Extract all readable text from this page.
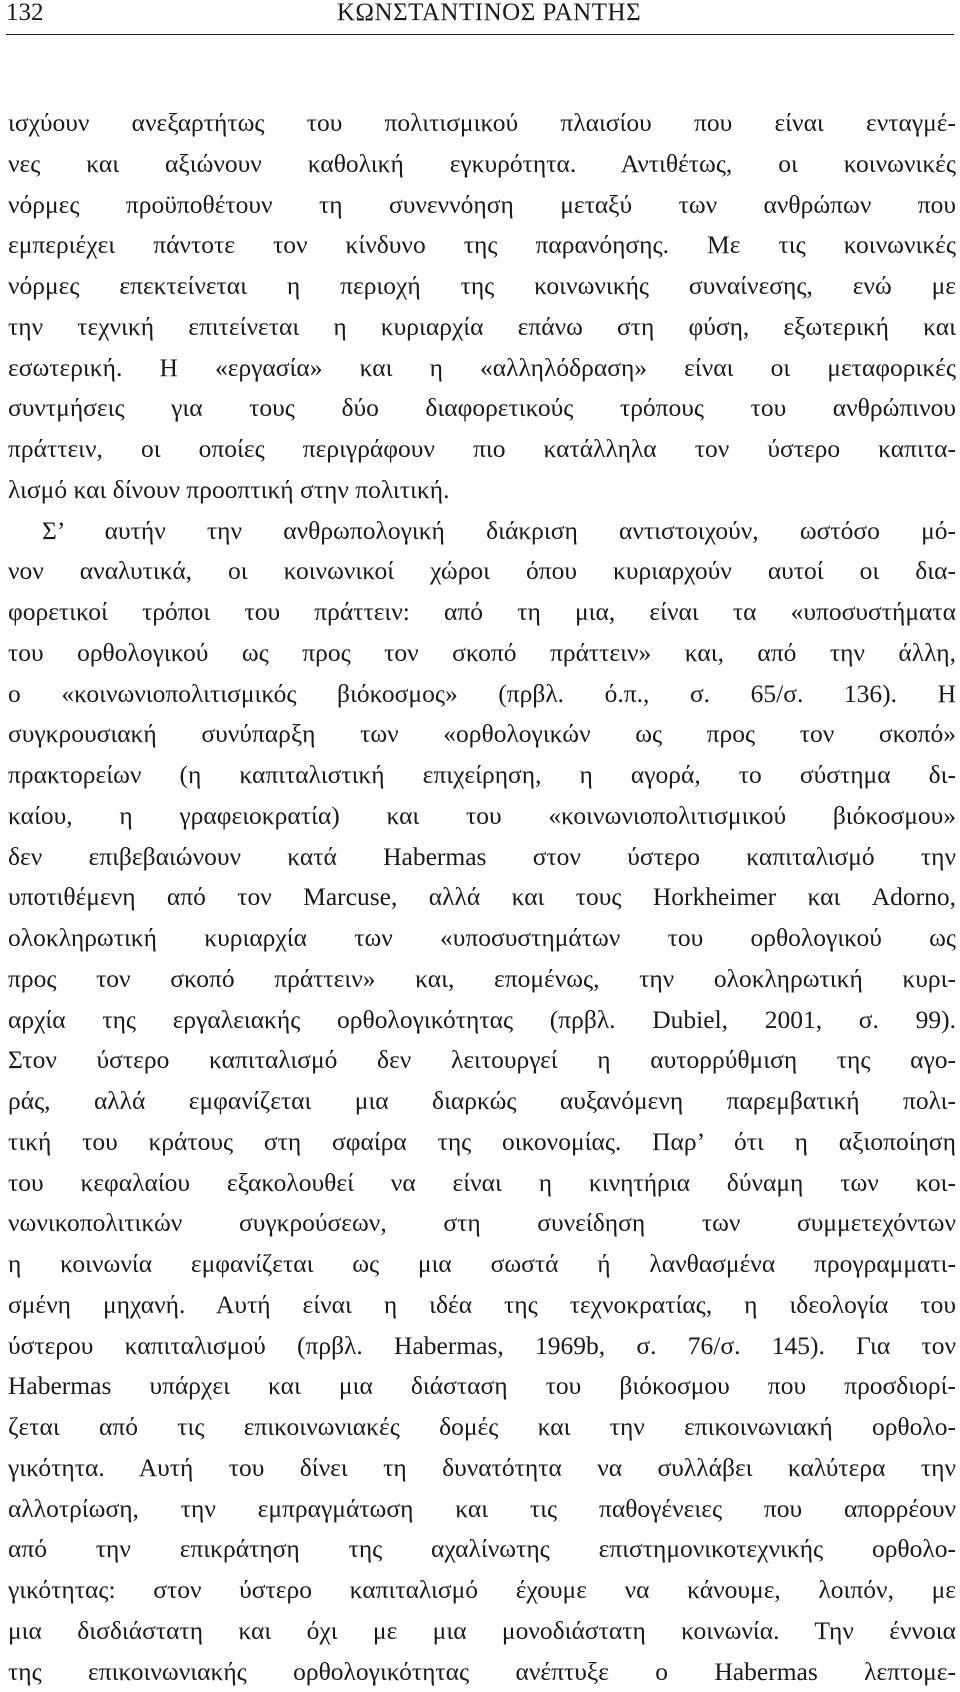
132	ΚΩΝΣΤΑΝΤΙΝΟΣ ΡΑΝΤΗΣ
ισχύουν ανεξαρτήτως του πολιτισμικού πλαισίου που είναι ενταγμέ-
νες και αξιώνουν καθολική εγκυρότητα. Αντιθέτως, οι κοινωνικές
νόρμες προϋποθέτουν τη συνεννόηση μεταξύ των ανθρώπων που
εμπεριέχει πάντοτε τον κίνδυνο της παρανόησης. Με τις κοινωνικές
νόρμες επεκτείνεται η περιοχή της κοινωνικής συναίνεσης, ενώ με
την τεχνική επιτείνεται η κυριαρχία επάνω στη φύση, εξωτερική και
εσωτερική. Η «εργασία» και η «αλληλόδραση» είναι οι μεταφορικές
συντμήσεις για τους δύο διαφορετικούς τρόπους του ανθρώπινου
πράττειν, οι οποίες περιγράφουν πιο κατάλληλα τον ύστερο καπιτα-
λισμό και δίνουν προοπτική στην πολιτική.
Σ’ αυτήν την ανθρωπολογική διάκριση αντιστοιχούν, ωστόσο μό-
νον αναλυτικά, οι κοινωνικοί χώροι όπου κυριαρχούν αυτοί οι δια-
φορετικοί τρόποι του πράττειν: από τη μια, είναι τα «υποσυστήματα
του ορθολογικού ως προς τον σκοπό πράττειν» και, από την άλλη,
ο «κοινωνιοπολιτισμικός βιόκοσμος» (πρβλ. ό.π., σ. 65/σ. 136). Η
συγκρουσιακή συνύπαρξη των «ορθολογικών ως προς τον σκοπό»
πρακτορείων (η καπιταλιστική επιχείρηση, η αγορά, το σύστημα δι-
καίου, η γραφειοκρατία) και του «κοινωνιοπολιτισμικού βιόκοσμου»
δεν επιβεβαιώνουν κατά Habermas στον ύστερο καπιταλισμό την
υποτιθέμενη από τον Marcuse, αλλά και τους Horkheimer και Adorno,
ολοκληρωτική κυριαρχία των «υποσυστημάτων του ορθολογικού ως
προς τον σκοπό πράττειν» και, επομένως, την ολοκληρωτική κυρι-
αρχία της εργαλειακής ορθολογικότητας (πρβλ. Dubiel, 2001, σ. 99).
Στον ύστερο καπιταλισμό δεν λειτουργεί η αυτορρύθμιση της αγο-
ράς, αλλά εμφανίζεται μια διαρκώς αυξανόμενη παρεμβατική πολι-
τική του κράτους στη σφαίρα της οικονομίας. Παρ’ ότι η αξιοποίηση
του κεφαλαίου εξακολουθεί να είναι η κινητήρια δύναμη των κοι-
νωνικοπολιτικών συγκρούσεων, στη συνείδηση των συμμετεχόντων
η κοινωνία εμφανίζεται ως μια σωστά ή λανθασμένα προγραμματι-
σμένη μηχανή. Αυτή είναι η ιδέα της τεχνοκρατίας, η ιδεολογία του
ύστερου καπιταλισμού (πρβλ. Habermas, 1969b, σ. 76/σ. 145). Για τον
Habermas υπάρχει και μια διάσταση του βιόκοσμου που προσδιορί-
ζεται από τις επικοινωνιακές δομές και την επικοινωνιακή ορθολο-
γικότητα. Αυτή του δίνει τη δυνατότητα να συλλάβει καλύτερα την
αλλοτρίωση, την εμπραγμάτωση και τις παθογένειες που απορρέουν
από την επικράτηση της αχαλίνωτης επιστημονικοτεχνικής ορθολο-
γικότητας: στον ύστερο καπιταλισμό έχουμε να κάνουμε, λοιπόν, με
μια δισδιάστατη και όχι με μια μονοδιάστατη κοινωνία. Την έννοια
της επικοινωνιακής ορθολογικότητας ανέπτυξε ο Habermas λεπτομε-
